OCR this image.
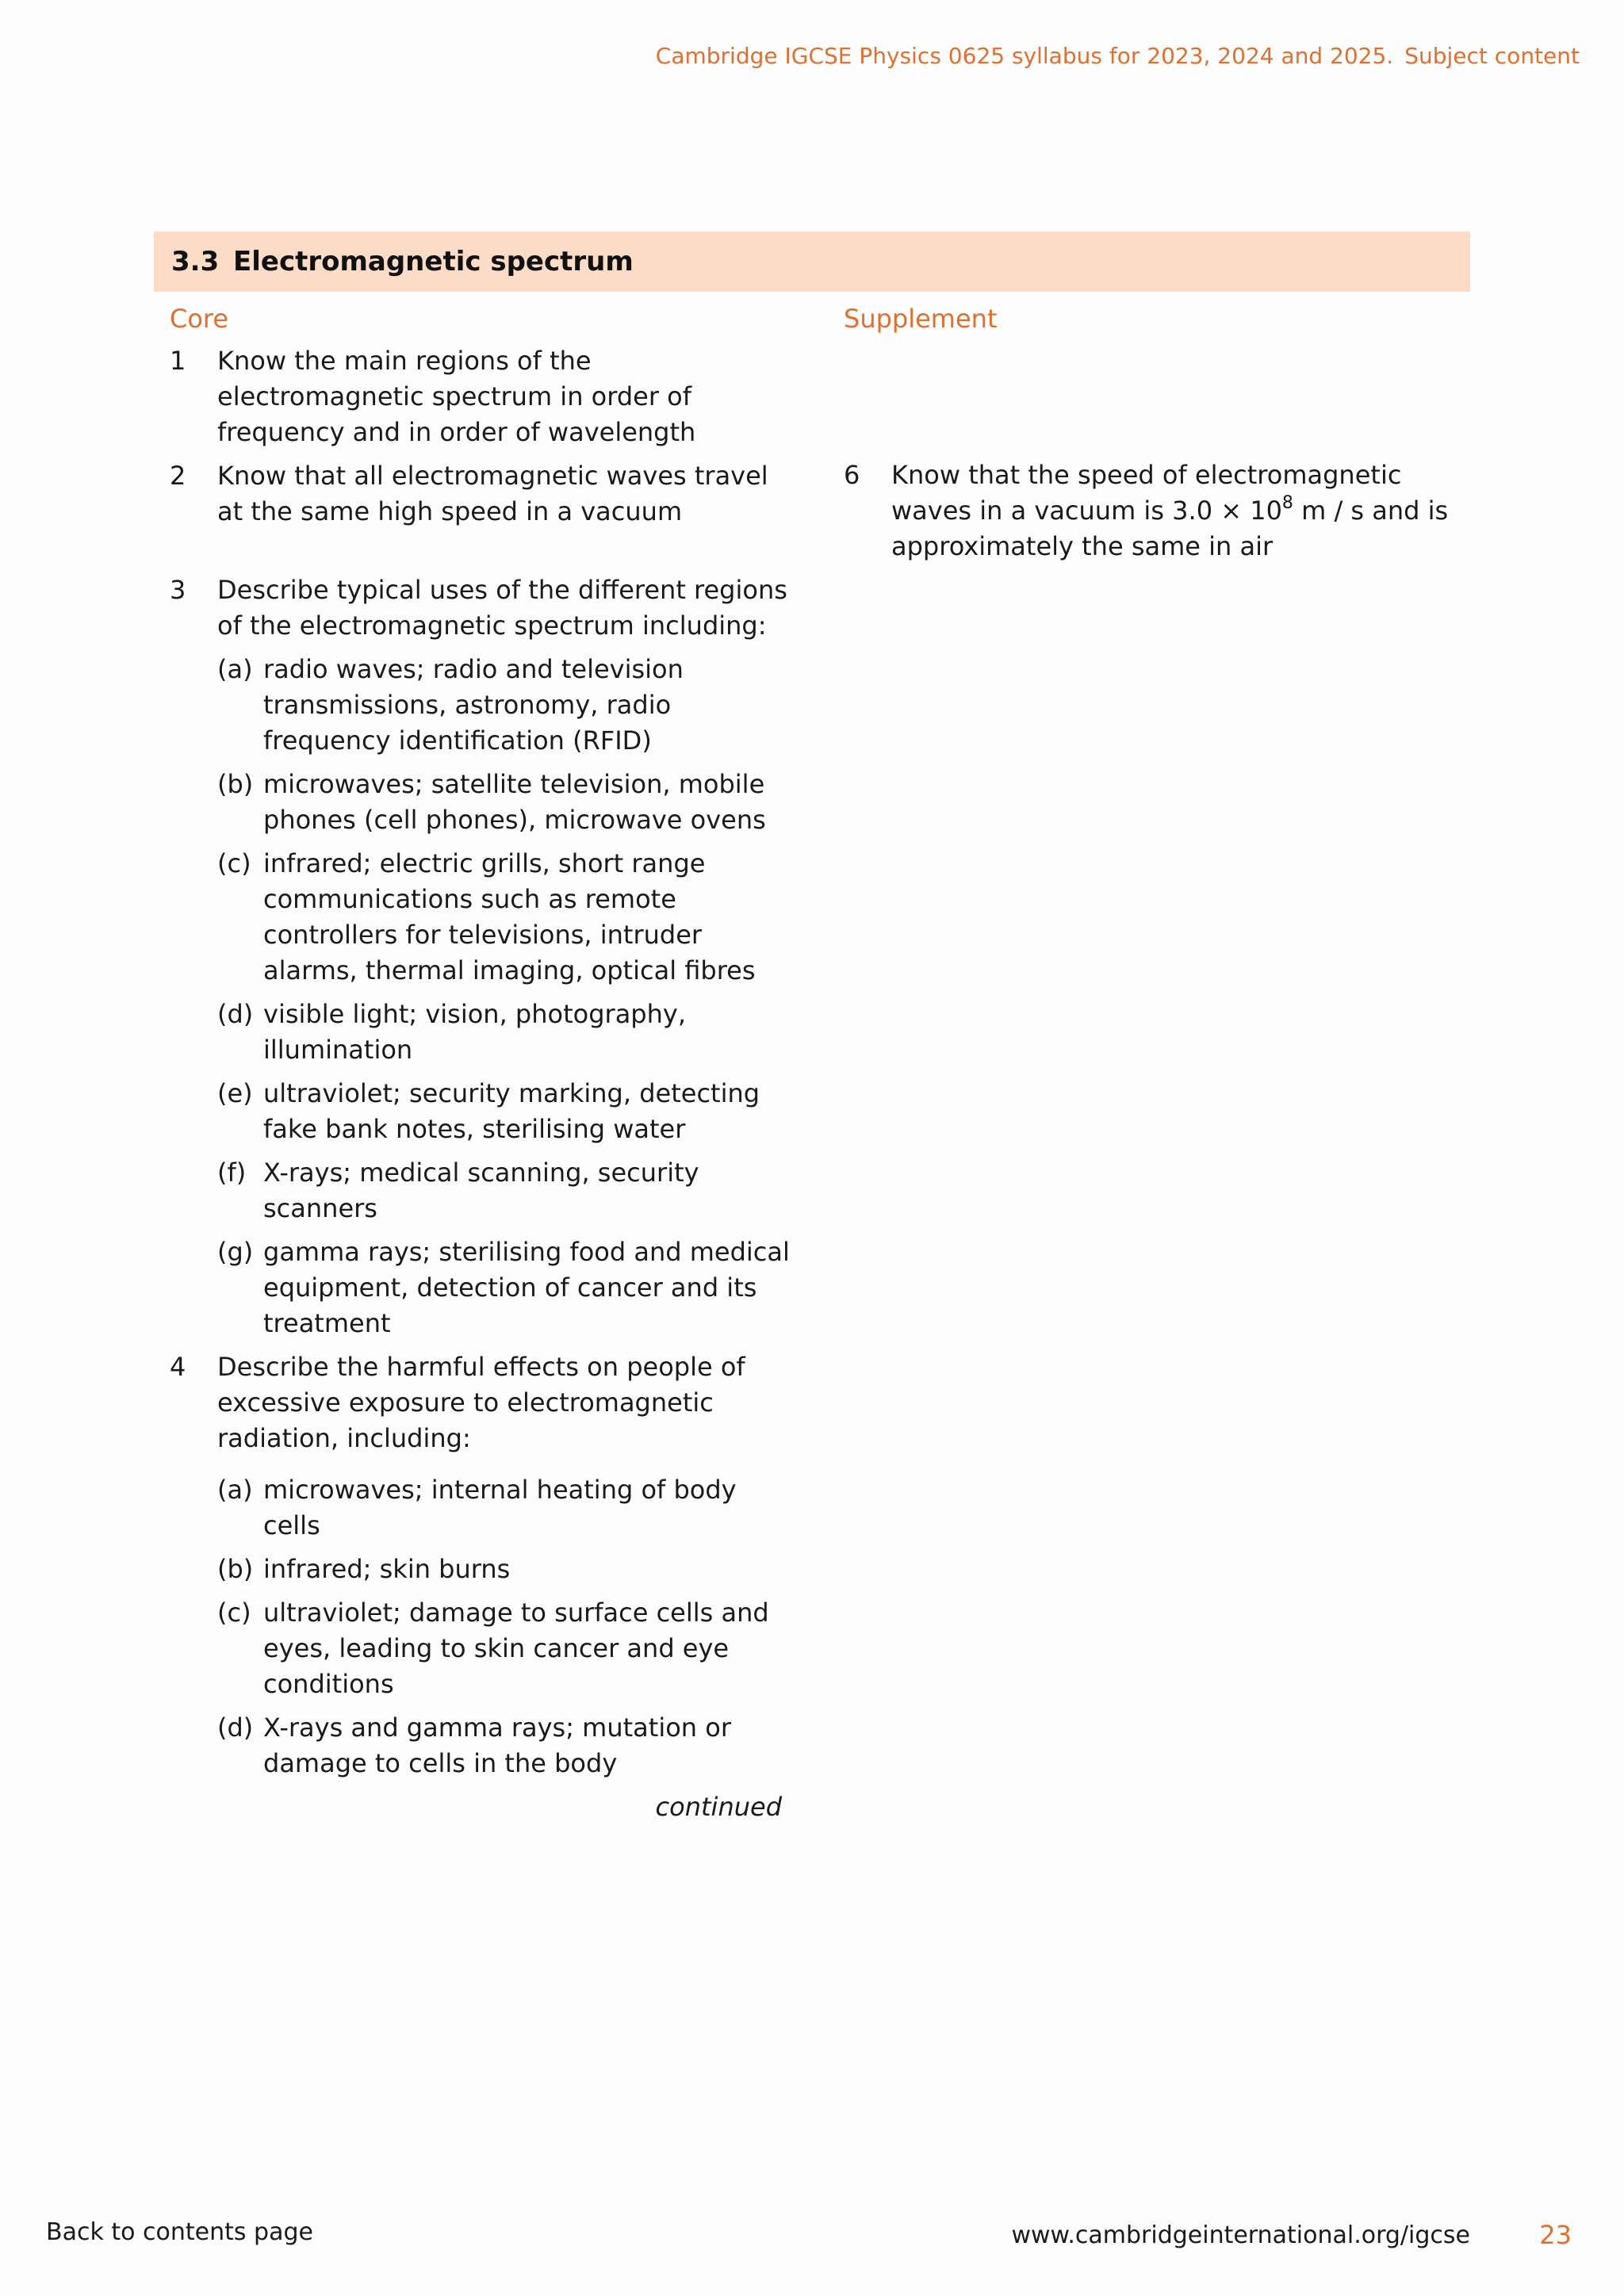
Cambridge IGCSE Physics 0625 syllabus for 2023, 2024 and 2025. Subject content
3.3 Electromagnetic spectrum
Core
1	Know the main regions of the electromagnetic spectrum in order of frequency and in order of wavelength
2	Know that all electromagnetic waves travel at the same high speed in a vacuum
3	Describe typical uses of the different regions of the electromagnetic spectrum including:
(a) radio waves; radio and television transmissions, astronomy, radio frequency identification (RFID)
(b) microwaves; satellite television, mobile phones (cell phones), microwave ovens
(c) infrared; electric grills, short range communications such as remote controllers for televisions, intruder alarms, thermal imaging, optical fibres
(d) visible light; vision, photography, illumination
(e) ultraviolet; security marking, detecting fake bank notes, sterilising water
(f) X-rays; medical scanning, security scanners
(g) gamma rays; sterilising food and medical equipment, detection of cancer and its treatment
4	Describe the harmful effects on people of excessive exposure to electromagnetic radiation, including:
(a) microwaves; internal heating of body cells
(b) infrared; skin burns
(c) ultraviolet; damage to surface cells and eyes, leading to skin cancer and eye conditions
(d) X-rays and gamma rays; mutation or damage to cells in the body
continued
Supplement
6	Know that the speed of electromagnetic waves in a vacuum is $3.0 \times 10^8$ m / s and is approximately the same in air
Back to contents page	www.cambridgeinternational.org/igcse	23
